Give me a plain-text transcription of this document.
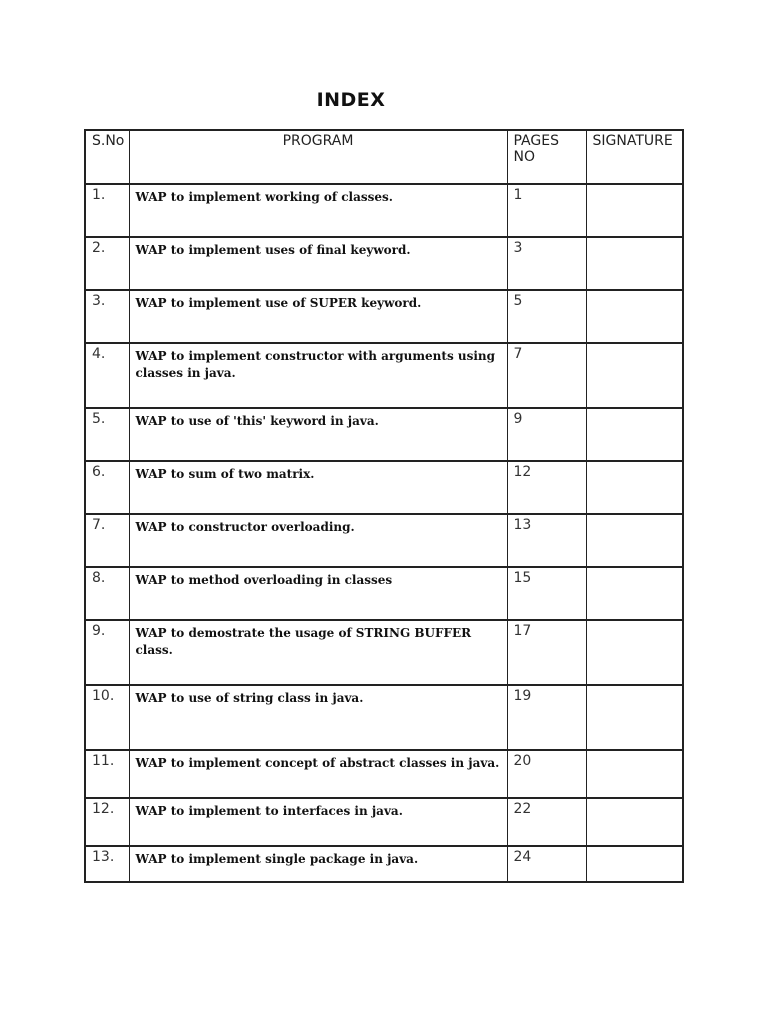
INDEX
S.No	PROGRAM	PAGES NO	SIGNATURE

1.	WAP to implement working of classes.	1	

2.	WAP to implement uses of final keyword.	3	

3.	WAP to implement use of SUPER keyword.	5	

4.	WAP to implement constructor with arguments using classes in java.	7	

5.	WAP to use of 'this' keyword in java.	9	

6.	WAP to sum of two matrix.	12	

7.	WAP to constructor overloading.	13	

8.	WAP to method overloading in classes	15	

9.	WAP to demostrate the usage of STRING BUFFER class.	17	

10.	WAP to use of string class in java.	19	

11.	WAP to implement concept of abstract classes in java.	20	

12.	WAP to implement to interfaces in java.	22	

13.	WAP to implement single package in java.	24	
